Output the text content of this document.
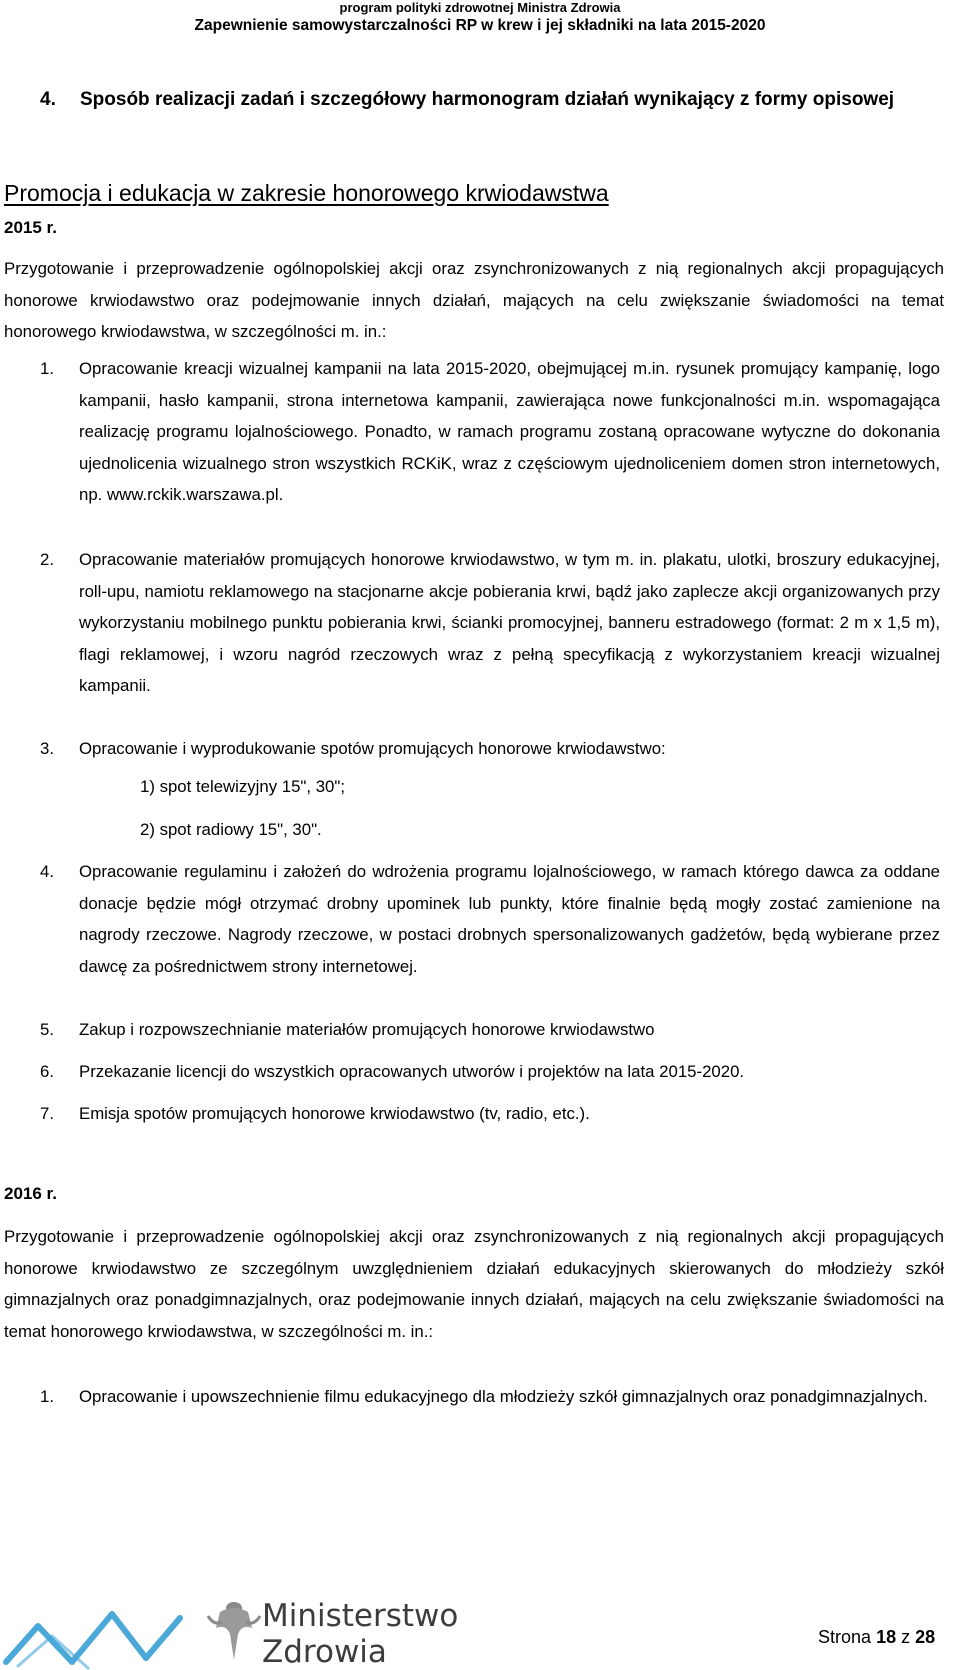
program polityki zdrowotnej Ministra Zdrowia
Zapewnienie samowystarczalności RP w krew i jej składniki na lata 2015-2020
4.	Sposób realizacji zadań i szczegółowy harmonogram działań wynikający z formy opisowej
Promocja i edukacja w zakresie honorowego krwiodawstwa
2015 r.
Przygotowanie i przeprowadzenie ogólnopolskiej akcji oraz zsynchronizowanych z nią regionalnych akcji propagujących honorowe krwiodawstwo oraz podejmowanie innych działań, mających na celu zwiększanie świadomości na temat honorowego krwiodawstwa, w szczególności m. in.:
1.	Opracowanie kreacji wizualnej kampanii na lata 2015-2020, obejmującej m.in. rysunek promujący kampanię, logo kampanii, hasło kampanii, strona internetowa kampanii, zawierająca nowe funkcjonalności m.in. wspomagająca realizację programu lojalnościowego. Ponadto, w ramach programu zostaną opracowane wytyczne do dokonania ujednolicenia wizualnego stron wszystkich RCKiK, wraz z częściowym ujednoliceniem domen stron internetowych, np. www.rckik.warszawa.pl.
2.	Opracowanie materiałów promujących honorowe krwiodawstwo, w tym m. in. plakatu, ulotki, broszury edukacyjnej, roll-upu, namiotu reklamowego na stacjonarne akcje pobierania krwi, bądź jako zaplecze akcji organizowanych przy wykorzystaniu mobilnego punktu pobierania krwi, ścianki promocyjnej, banneru estradowego (format: 2 m x 1,5 m), flagi reklamowej, i wzoru nagród rzeczowych wraz z pełną specyfikacją z wykorzystaniem kreacji wizualnej kampanii.
3.	Opracowanie i wyprodukowanie spotów promujących honorowe krwiodawstwo:
1) spot telewizyjny 15", 30";
2) spot radiowy 15", 30".
4.	Opracowanie regulaminu i założeń do wdrożenia programu lojalnościowego, w ramach którego dawca za oddane donacje będzie mógł otrzymać drobny upominek lub punkty, które finalnie będą mogły zostać zamienione na nagrody rzeczowe. Nagrody rzeczowe, w postaci drobnych spersonalizowanych gadżetów, będą wybierane przez dawcę za pośrednictwem strony internetowej.
5.	Zakup i rozpowszechnianie materiałów promujących honorowe krwiodawstwo
6.	Przekazanie licencji do wszystkich opracowanych utworów i projektów na lata 2015-2020.
7.	Emisja spotów promujących honorowe krwiodawstwo (tv, radio, etc.).
2016 r.
Przygotowanie i przeprowadzenie ogólnopolskiej akcji oraz zsynchronizowanych z nią regionalnych akcji propagujących honorowe krwiodawstwo ze szczególnym uwzględnieniem działań edukacyjnych skierowanych do młodzieży szkół gimnazjalnych oraz ponadgimnazjalnych, oraz podejmowanie innych działań, mających na celu zwiększanie świadomości na temat honorowego krwiodawstwa, w szczególności m. in.:
1.	Opracowanie i upowszechnienie filmu edukacyjnego dla młodzieży szkół gimnazjalnych oraz ponadgimnazjalnych.
Ministerstwo
Zdrowia	Strona 18 z 28
